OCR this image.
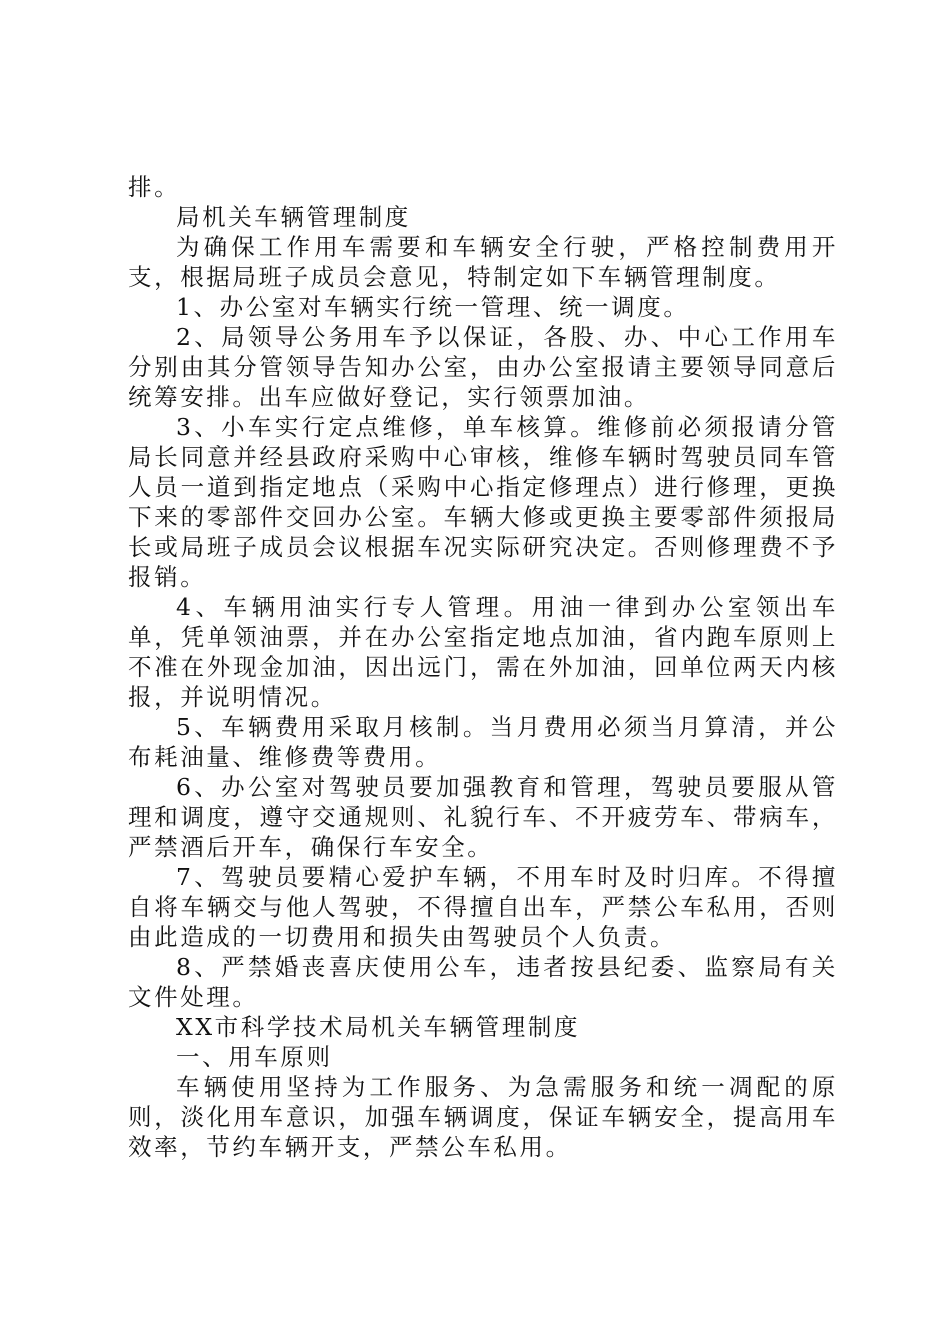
排。

局机关车辆管理制度

为确保工作用车需要和车辆安全行驶，严格控制费用开支，根据局班子成员会意见，特制定如下车辆管理制度。

1、办公室对车辆实行统一管理、统一调度。

2、局领导公务用车予以保证，各股、办、中心工作用车分别由其分管领导告知办公室，由办公室报请主要领导同意后统筹安排。出车应做好登记，实行领票加油。

3、小车实行定点维修，单车核算。维修前必须报请分管局长同意并经县政府采购中心审核，维修车辆时驾驶员同车管人员一道到指定地点（采购中心指定修理点）进行修理，更换下来的零部件交回办公室。车辆大修或更换主要零部件须报局长或局班子成员会议根据车况实际研究决定。否则修理费不予报销。

4、车辆用油实行专人管理。用油一律到办公室领出车单，凭单领油票，并在办公室指定地点加油，省内跑车原则上不准在外现金加油，因出远门，需在外加油，回单位两天内核报，并说明情况。

5、车辆费用采取月核制。当月费用必须当月算清，并公布耗油量、维修费等费用。

6、办公室对驾驶员要加强教育和管理，驾驶员要服从管理和调度，遵守交通规则、礼貌行车、不开疲劳车、带病车，严禁酒后开车，确保行车安全。

7、驾驶员要精心爱护车辆，不用车时及时归库。不得擅自将车辆交与他人驾驶，不得擅自出车，严禁公车私用，否则由此造成的一切费用和损失由驾驶员个人负责。

8、严禁婚丧喜庆使用公车，违者按县纪委、监察局有关文件处理。

XX市科学技术局机关车辆管理制度

一、用车原则

车辆使用坚持为工作服务、为急需服务和统一凋配的原则，淡化用车意识，加强车辆调度，保证车辆安全，提高用车效率，节约车辆开支，严禁公车私用。
